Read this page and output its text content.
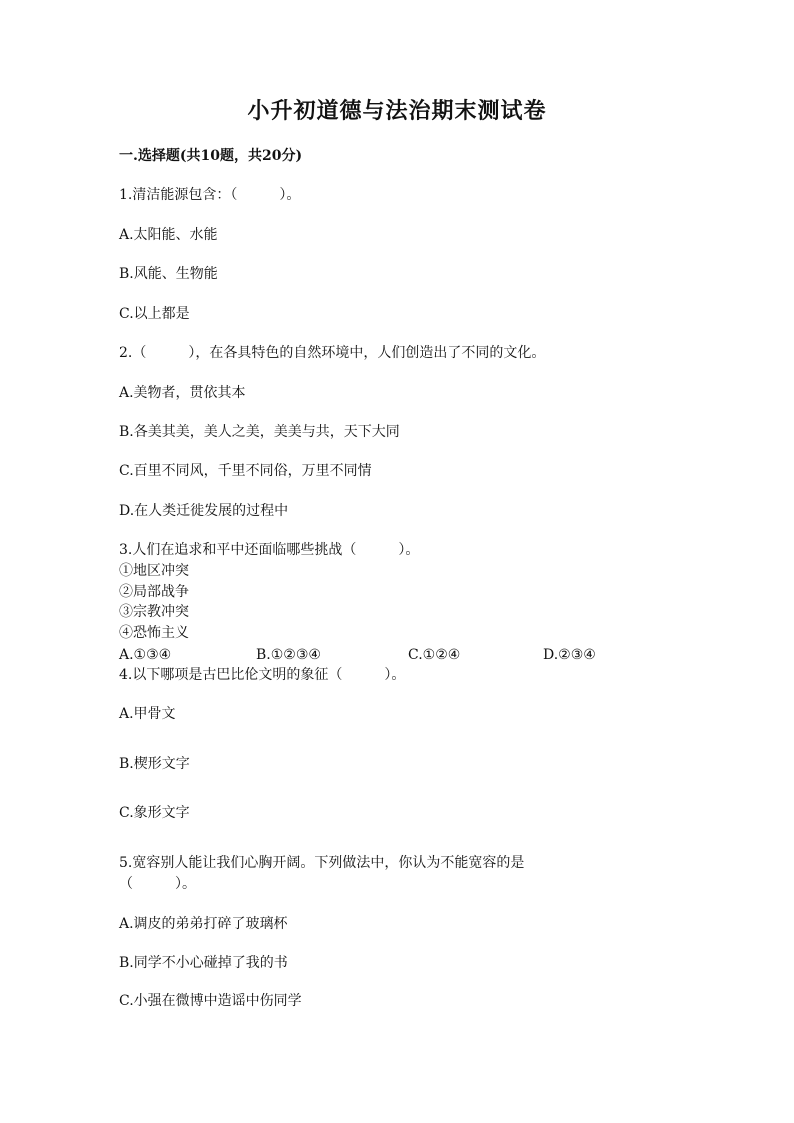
小升初道德与法治期末测试卷
一.选择题(共10题，共20分)
1.清洁能源包含：（　　　）。
A.太阳能、水能
B.风能、生物能
C.以上都是
2.（　　　），在各具特色的自然环境中，人们创造出了不同的文化。
A.美物者，贯依其本
B.各美其美，美人之美，美美与共，天下大同
C.百里不同风，千里不同俗，万里不同情
D.在人类迁徙发展的过程中
3.人们在追求和平中还面临哪些挑战（　　　）。
①地区冲突
②局部战争
③宗教冲突
④恐怖主义
A.①③④	B.①②③④	C.①②④	D.②③④
4.以下哪项是古巴比伦文明的象征（　　　）。
A.甲骨文
B.楔形文字
C.象形文字
5.宽容别人能让我们心胸开阔。下列做法中，你认为不能宽容的是
（　　　）。
A.调皮的弟弟打碎了玻璃杯
B.同学不小心碰掉了我的书
C.小强在微博中造谣中伤同学
